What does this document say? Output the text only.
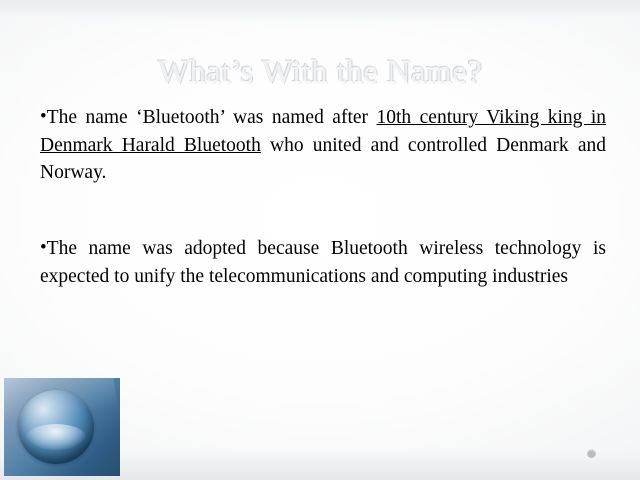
What’s With the Name?

•The name ‘Bluetooth’ was named after 10th century Viking king in Denmark Harald Bluetooth who united and controlled Denmark and Norway.

•The name was adopted because Bluetooth wireless technology is expected to unify the telecommunications and computing industries
